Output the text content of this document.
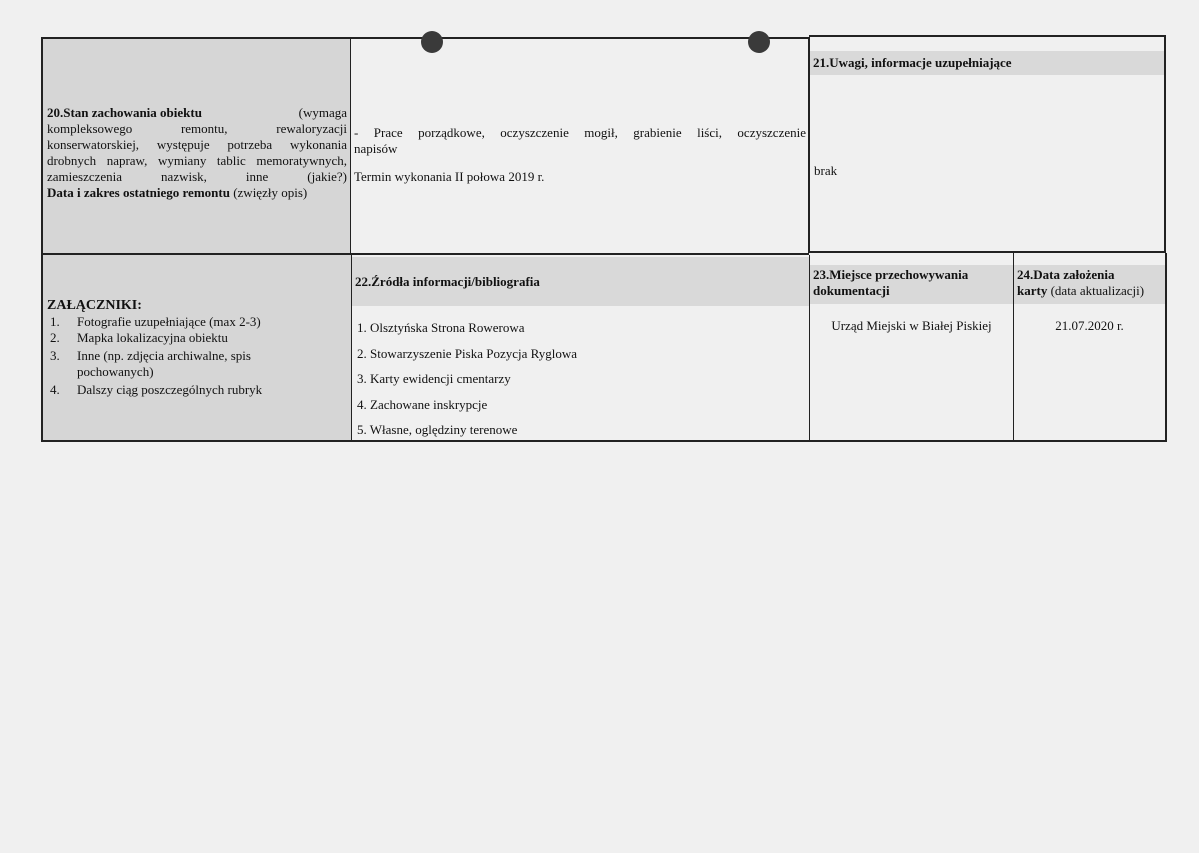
20.Stan zachowania obiektu	(wymaga
kompleksowego remontu, rewaloryzacji
konserwatorskiej, występuje potrzeba wykonania
drobnych napraw, wymiany tablic memoratywnych,
zamieszczenia nazwisk, inne (jakie?)
Data i zakres ostatniego remontu (zwięzły opis)
- Prace porządkowe, oczyszczenie mogił, grabienie liści, oczyszczenie
napisów
Termin wykonania II połowa 2019 r.
21.Uwagi, informacje uzupełniające
brak
ZAŁĄCZNIKI:
1. Fotografie uzupełniające (max 2-3)
2. Mapka lokalizacyjna obiektu
3. Inne (np. zdjęcia archiwalne, spis pochowanych)
4. Dalszy ciąg poszczególnych rubryk
22.Źródła informacji/bibliografia
1. Olsztyńska Strona Rowerowa
2. Stowarzyszenie Piska Pozycja Ryglowa
3. Karty ewidencji cmentarzy
4. Zachowane inskrypcje
5. Własne, oględziny terenowe
23.Miejsce przechowywania dokumentacji
Urząd Miejski w Białej Piskiej
24.Data założenia
karty (data aktualizacji)
21.07.2020 r.
